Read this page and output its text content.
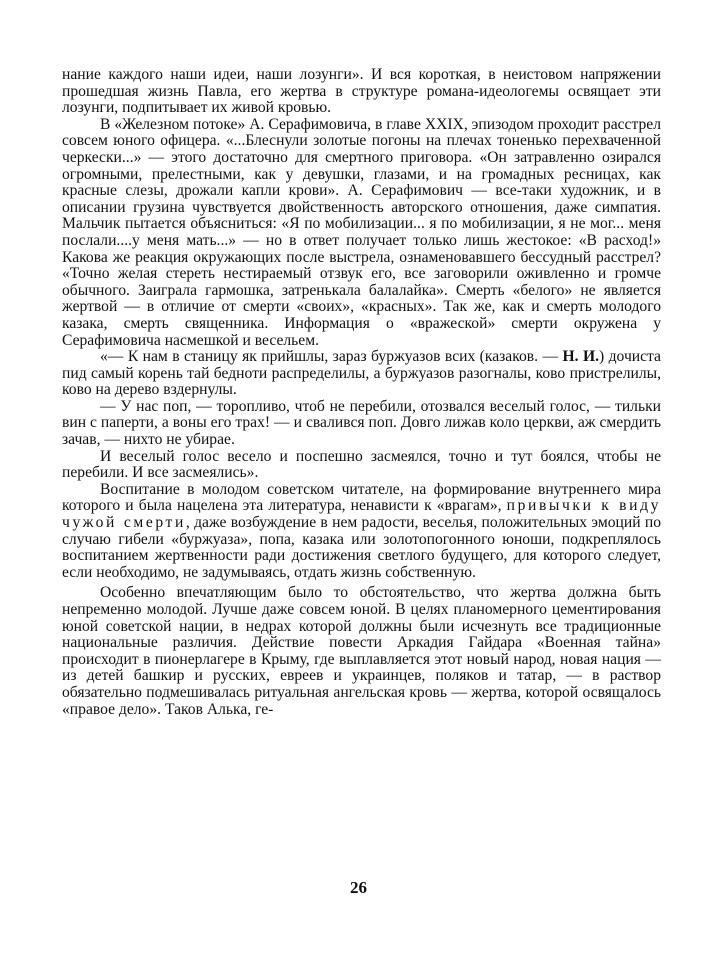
нание каждого наши идеи, наши лозунги». И вся короткая, в неистовом напряжении прошедшая жизнь Павла, его жертва в структуре романа-идеологемы освящает эти лозунги, подпитывает их живой кровью.

В «Железном потоке» А. Серафимовича, в главе XXIX, эпизодом проходит расстрел совсем юного офицера. «...Блеснули золотые погоны на плечах тоненько перехваченной черкески...» — этого достаточно для смертного приговора. «Он затравленно озирался огромными, прелестными, как у девушки, глазами, и на громадных ресницах, как красные слезы, дрожали капли крови». А. Серафимович — все-таки художник, и в описании грузина чувствуется двойственность авторского отношения, даже симпатия. Мальчик пытается объясниться: «Я по мобилизации... я по мобилизации, я не мог... меня послали....у меня мать...» — но в ответ получает только лишь жестокое: «В расход!» Какова же реакция окружающих после выстрела, ознаменовавшего бессудный расстрел? «Точно желая стереть нестираемый отзвук его, все заговорили оживленно и громче обычного. Заиграла гармошка, затренькала балалайка». Смерть «белого» не является жертвой — в отличие от смерти «своих», «красных». Так же, как и смерть молодого казака, смерть священника. Информация о «вражеской» смерти окружена у Серафимовича насмешкой и весельем.

«— К нам в станицу як прийшлы, зараз буржуазов всих (казаков. — Н. И.) дочиста пид самый корень тай бедноти распределилы, а буржуазов разогналы, ково пристрелилы, ково на дерево вздернулы.

— У нас поп, — торопливо, чтоб не перебили, отозвался веселый голос, — тильки вин с паперти, а воны его трах! — и свалився поп. Довго лижав коло церкви, аж смердить зачав, — нихто не убирае.

И веселый голос весело и поспешно засмеялся, точно и тут боялся, чтобы не перебили. И все засмеялись».

Воспитание в молодом советском читателе, на формирование внутреннего мира которого и была нацелена эта литература, ненависти к «врагам», привычки к виду чужой смерти, даже возбуждение в нем радости, веселья, положительных эмоций по случаю гибели «буржуаза», попа, казака или золотопогонного юноши, подкреплялось воспитанием жертвенности ради достижения светлого будущего, для которого следует, если необходимо, не задумываясь, отдать жизнь собственную.

Особенно впечатляющим было то обстоятельство, что жертва должна быть непременно молодой. Лучше даже совсем юной. В целях планомерного цементирования юной советской нации, в недрах которой должны были исчезнуть все традиционные национальные различия. Действие повести Аркадия Гайдара «Военная тайна» происходит в пионерлагере в Крыму, где выплавляется этот новый народ, новая нация — из детей башкир и русских, евреев и украинцев, поляков и татар, — в раствор обязательно подмешивалась ритуальная ангельская кровь — жертва, которой освящалось «правое дело». Таков Алька, ге-

26
